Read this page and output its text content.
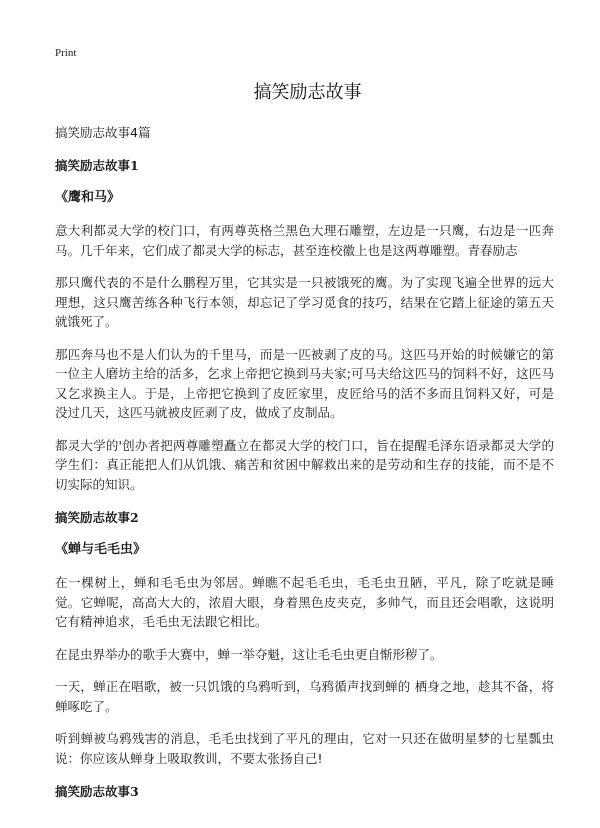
Print
搞笑励志故事
搞笑励志故事4篇
搞笑励志故事1
《鹰和马》

意大利都灵大学的校门口，有两尊英格兰黑色大理石雕塑，左边是一只鹰，右边是一匹奔马。几千年来，它们成了都灵大学的标志，甚至连校徽上也是这两尊雕塑。青春励志

那只鹰代表的不是什么鹏程万里，它其实是一只被饿死的鹰。为了实现飞遍全世界的远大理想，这只鹰苦练各种飞行本领，却忘记了学习觅食的技巧，结果在它踏上征途的第五天就饿死了。

那匹奔马也不是人们认为的千里马，而是一匹被剥了皮的马。这匹马开始的时候嫌它的第一位主人磨坊主给的活多，乞求上帝把它换到马夫家;可马夫给这匹马的饲料不好，这匹马又乞求换主人。于是，上帝把它换到了皮匠家里，皮匠给马的活不多而且饲料又好，可是没过几天，这匹马就被皮匠剥了皮，做成了皮制品。

都灵大学的'创办者把两尊雕塑矗立在都灵大学的校门口，旨在提醒毛泽东语录都灵大学的学生们：真正能把人们从饥饿、痛苦和贫困中解救出来的是劳动和生存的技能，而不是不切实际的知识。

搞笑励志故事2
《蝉与毛毛虫》

在一棵树上，蝉和毛毛虫为邻居。蝉瞧不起毛毛虫，毛毛虫丑陋，平凡，除了吃就是睡觉。它蝉呢，高高大大的，浓眉大眼，身着黑色皮夹克，多帅气，而且还会唱歌，这说明它有精神追求，毛毛虫无法跟它相比。

在昆虫界举办的歌手大赛中，蝉一举夺魁，这让毛毛虫更自惭形秽了。

一天，蝉正在唱歌，被一只饥饿的乌鸦听到，乌鸦循声找到蝉的 栖身之地，趁其不备，将蝉啄吃了。

听到蝉被乌鸦残害的消息，毛毛虫找到了平凡的理由，它对一只还在做明星梦的七星瓢虫说：你应该从蝉身上吸取教训，不要太张扬自己!

搞笑励志故事3
